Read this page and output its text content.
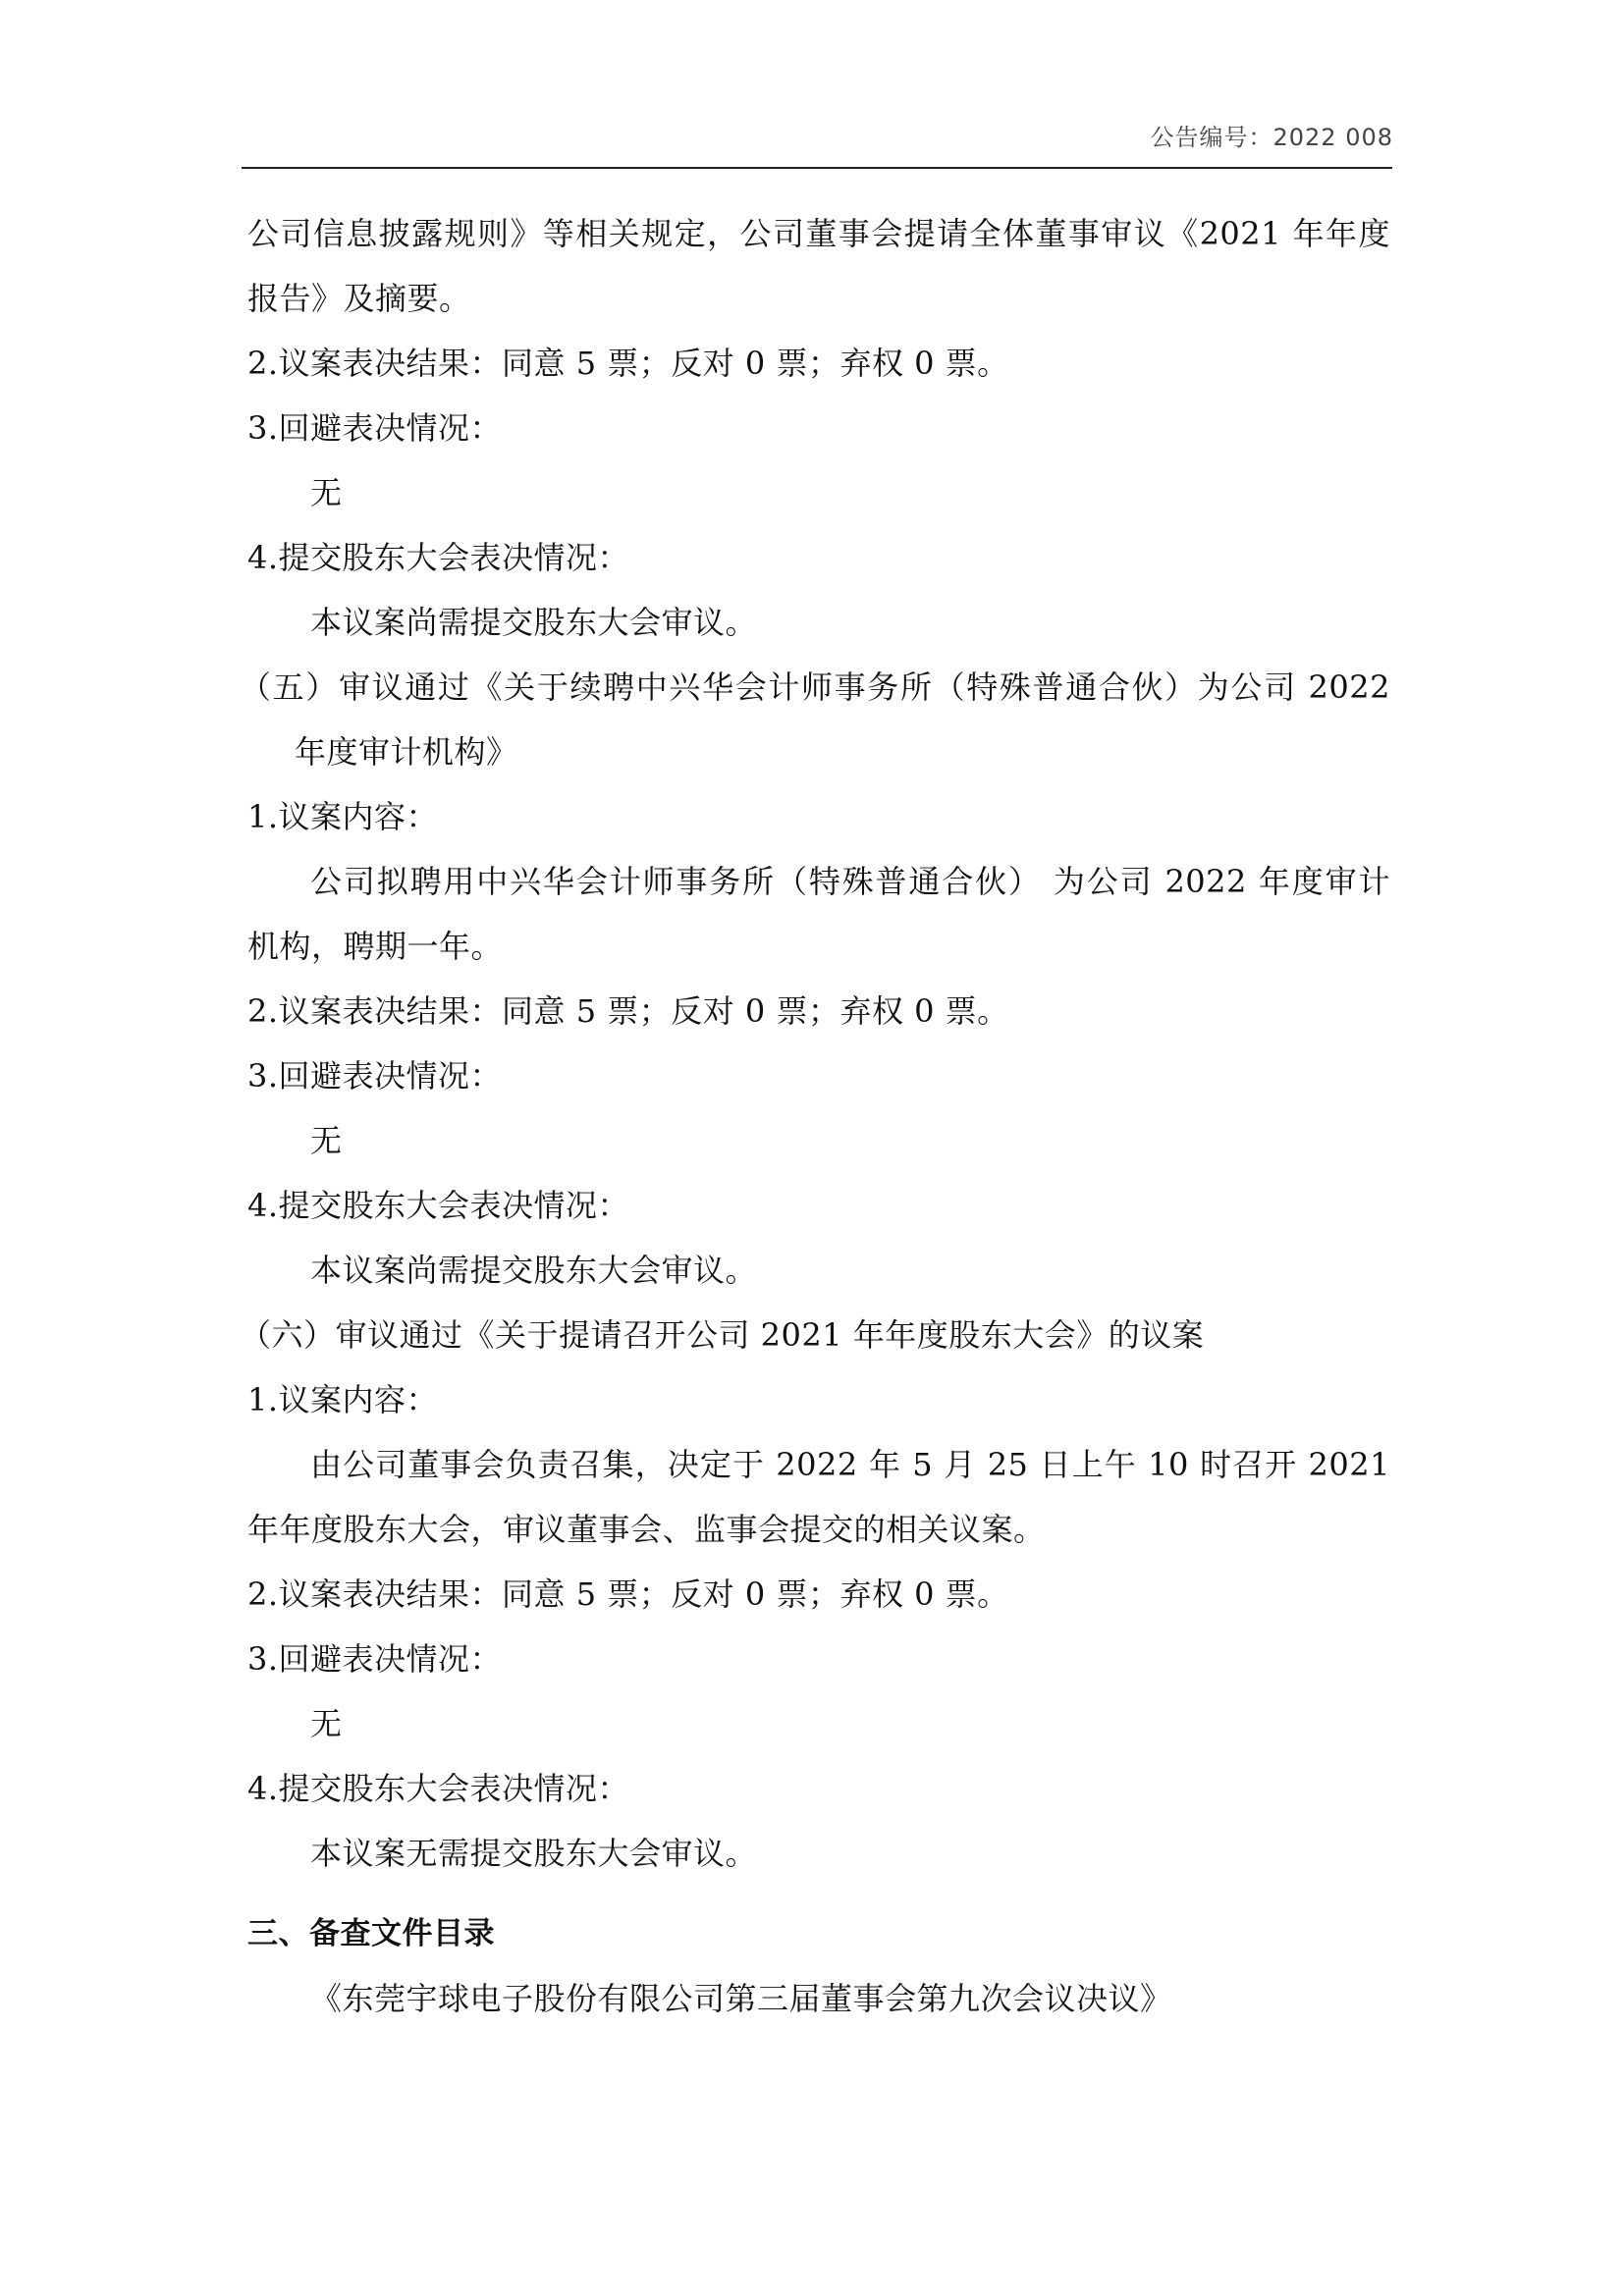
公告编号：2022 008
公司信息披露规则》等相关规定，公司董事会提请全体董事审议《2021 年年度
报告》及摘要。
2.议案表决结果：同意 5 票；反对 0 票；弃权 0 票。
3.回避表决情况：
无
4.提交股东大会表决情况：
本议案尚需提交股东大会审议。
（五）审议通过《关于续聘中兴华会计师事务所（特殊普通合伙）为公司 2022
年度审计机构》
1.议案内容：
公司拟聘用中兴华会计师事务所（特殊普通合伙） 为公司 2022 年度审计
机构，聘期一年。
2.议案表决结果：同意 5 票；反对 0 票；弃权 0 票。
3.回避表决情况：
无
4.提交股东大会表决情况：
本议案尚需提交股东大会审议。
（六）审议通过《关于提请召开公司 2021 年年度股东大会》的议案
1.议案内容：
由公司董事会负责召集，决定于 2022 年 5 月 25 日上午 10 时召开 2021
年年度股东大会，审议董事会、监事会提交的相关议案。
2.议案表决结果：同意 5 票；反对 0 票；弃权 0 票。
3.回避表决情况：
无
4.提交股东大会表决情况：
本议案无需提交股东大会审议。
三、备查文件目录
《东莞宇球电子股份有限公司第三届董事会第九次会议决议》
